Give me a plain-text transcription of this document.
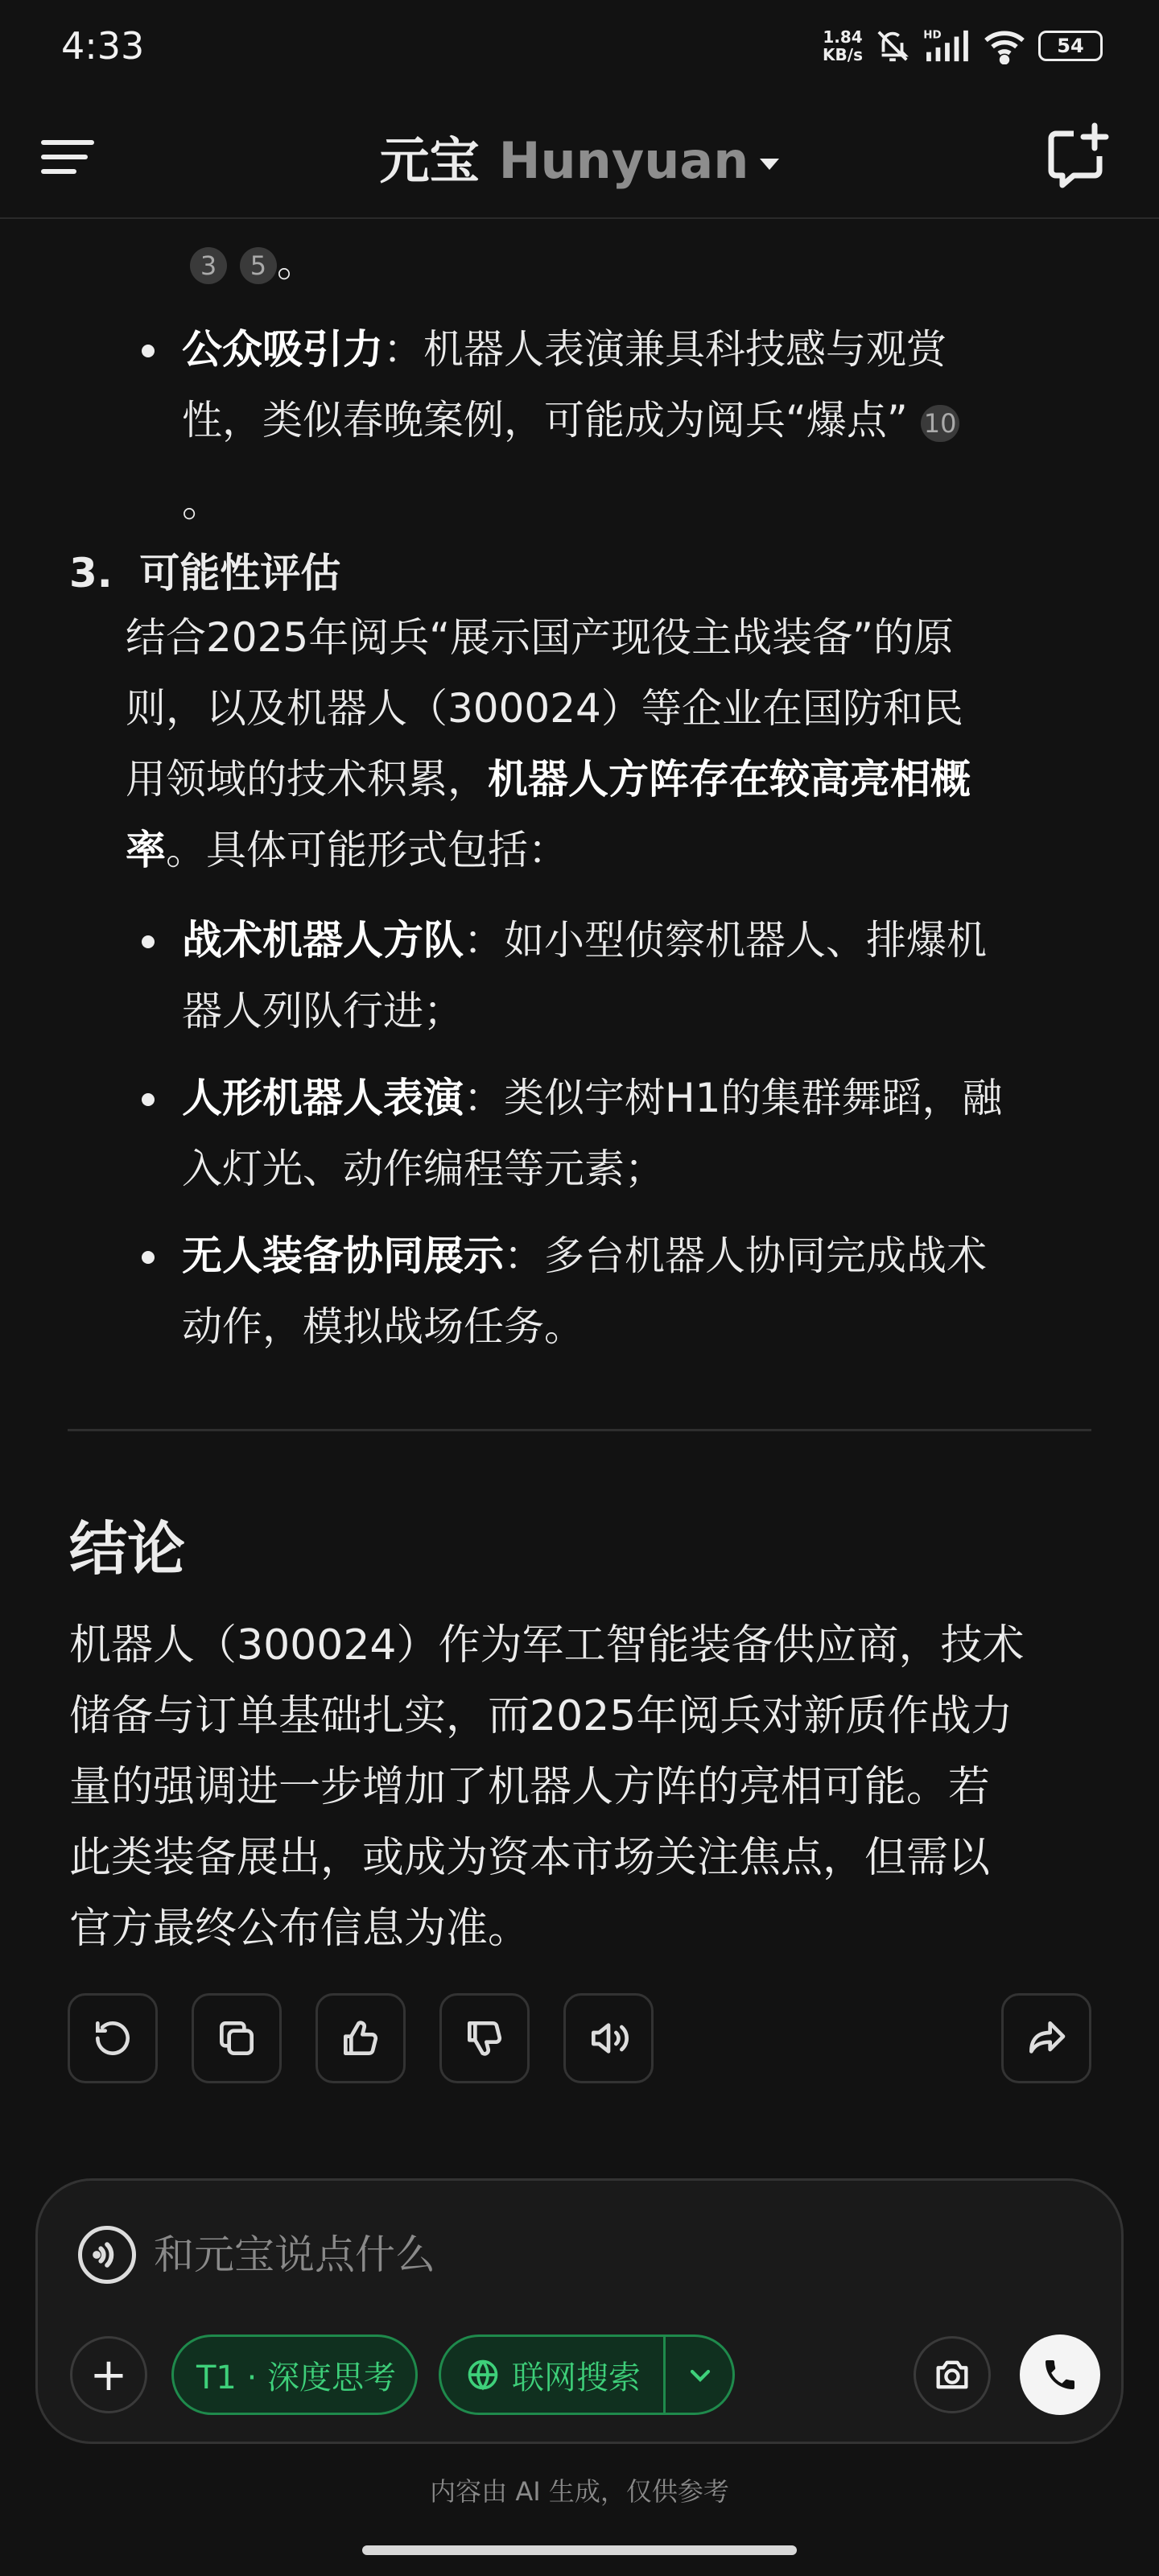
4:33	1.84
KB/s
HD	54
元宝 Hunyuan
3 5 。
公众吸引力：机器人表演兼具科技感与观赏
性，类似春晚案例，可能成为阅兵“爆点” 10
。
3. 可能性评估
结合2025年阅兵“展示国产现役主战装备”的原
则，以及机器人（300024）等企业在国防和民
用领域的技术积累，机器人方阵存在较高亮相概
率。具体可能形式包括：
战术机器人方队：如小型侦察机器人、排爆机
器人列队行进；
人形机器人表演：类似宇树H1的集群舞蹈，融
入灯光、动作编程等元素；
无人装备协同展示：多台机器人协同完成战术
动作，模拟战场任务。
结论
机器人（300024）作为军工智能装备供应商，技术
储备与订单基础扎实，而2025年阅兵对新质作战力
量的强调进一步增加了机器人方阵的亮相可能。若
此类装备展出，或成为资本市场关注焦点，但需以
官方最终公布信息为准。
和元宝说点什么
+ T1 · 深度思考	联网搜索
内容由 AI 生成，仅供参考
